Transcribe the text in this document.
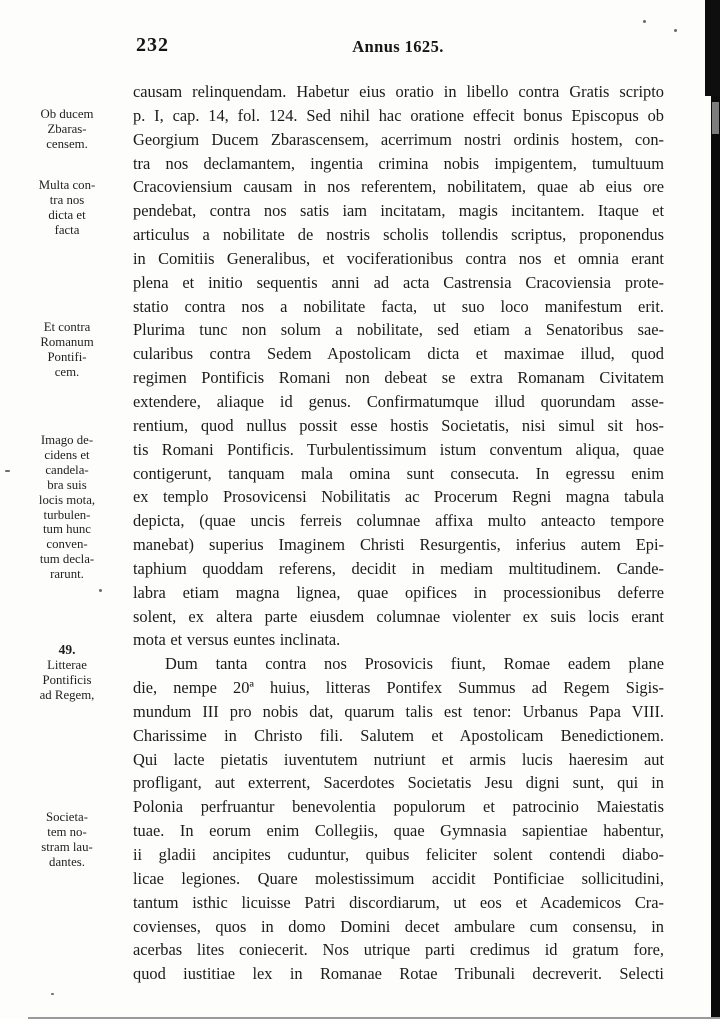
232	Annus 1625.
Ob ducem
Zbaras-
censem.
Multa con-
tra nos
dicta et
facta
Et contra
Romanum
Pontifi-
cem.
Imago de-
cidens et
candela-
bra suis
locis mota,
turbulen-
tum hunc
conven-
tum decla-
rarunt.
49.
Litterae
Pontificis
ad Regem,
Societa-
tem no-
stram lau-
dantes.
causam relinquendam. Habetur eius oratio in libello contra Gratis scripto
p. I, cap. 14, fol. 124. Sed nihil hac oratione effecit bonus Episcopus ob
Georgium Ducem Zbarascensem, acerrimum nostri ordinis hostem, con-
tra nos declamantem, ingentia crimina nobis impigentem, tumultuum
Cracoviensium causam in nos referentem, nobilitatem, quae ab eius ore
pendebat, contra nos satis iam incitatam, magis incitantem. Itaque et
articulus a nobilitate de nostris scholis tollendis scriptus, proponendus
in Comitiis Generalibus, et vociferationibus contra nos et omnia erant
plena et initio sequentis anni ad acta Castrensia Cracoviensia prote-
statio contra nos a nobilitate facta, ut suo loco manifestum erit.
Plurima tunc non solum a nobilitate, sed etiam a Senatoribus sae-
cularibus contra Sedem Apostolicam dicta et maximae illud, quod
regimen Pontificis Romani non debeat se extra Romanam Civitatem
extendere, aliaque id genus. Confirmatumque illud quorundam asse-
rentium, quod nullus possit esse hostis Societatis, nisi simul sit hos-
tis Romani Pontificis. Turbulentissimum istum conventum aliqua, quae
contigerunt, tanquam mala omina sunt consecuta. In egressu enim
ex templo Prosovicensi Nobilitatis ac Procerum Regni magna tabula
depicta, (quae uncis ferreis columnae affixa multo anteacto tempore
manebat) superius Imaginem Christi Resurgentis, inferius autem Epi-
taphium quoddam referens, decidit in mediam multitudinem. Cande-
labra etiam magna lignea, quae opifices in processionibus deferre
solent, ex altera parte eiusdem columnae violenter ex suis locis erant
mota et versus euntes inclinata.
Dum tanta contra nos Prosovicis fiunt, Romae eadem plane
die, nempe 20ª huius, litteras Pontifex Summus ad Regem Sigis-
mundum III pro nobis dat, quarum talis est tenor: Urbanus Papa VIII.
Charissime in Christo fili. Salutem et Apostolicam Benedictionem.
Qui lacte pietatis iuventutem nutriunt et armis lucis haeresim aut
profligant, aut exterrent, Sacerdotes Societatis Jesu digni sunt, qui in
Polonia perfruantur benevolentia populorum et patrocinio Maiestatis
tuae. In eorum enim Collegiis, quae Gymnasia sapientiae habentur,
ii gladii ancipites cuduntur, quibus feliciter solent contendi diabo-
licae legiones. Quare molestissimum accidit Pontificiae sollicitudini,
tantum isthic licuisse Patri discordiarum, ut eos et Academicos Cra-
covienses, quos in domo Domini decet ambulare cum consensu, in
acerbas lites coniecerit. Nos utrique parti credimus id gratum fore,
quod iustitiae lex in Romanae Rotae Tribunali decreverit. Selecti
